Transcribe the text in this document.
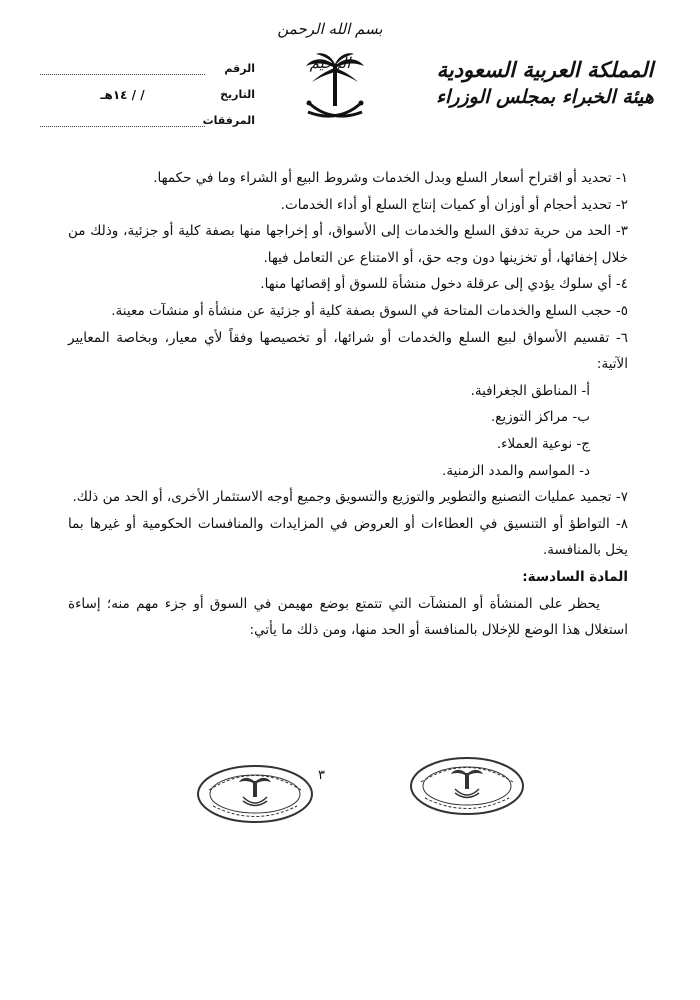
بسم الله الرحمن
المملكة العربية السعودية
هيئة الخبراء بمجلس الوزراء
الرقم
التاريخ
/ / ١٤هـ
المرفقات

١- تحديد أو اقتراح أسعار السلع وبدل الخدمات وشروط البيع أو الشراء وما في حكمها.

٢- تحديد أحجام أو أوزان أو كميات إنتاج السلع أو أداء الخدمات.

٣- الحد من حرية تدفق السلع والخدمات إلى الأسواق، أو إخراجها منها بصفة كلية أو جزئية، وذلك من خلال إخفائها، أو تخزينها دون وجه حق، أو الامتناع عن التعامل فيها.

٤- أي سلوك يؤدي إلى عرقلة دخول منشأة للسوق أو إقصائها منها.

٥- حجب السلع والخدمات المتاحة في السوق بصفة كلية أو جزئية عن منشأة أو منشآت معينة.

٦- تقسيم الأسواق لبيع السلع والخدمات أو شرائها، أو تخصيصها وفقاً لأي معيار، وبخاصة المعايير الآتية:

أ- المناطق الجغرافية.

ب- مراكز التوزيع.

ج- نوعية العملاء.

د- المواسم والمدد الزمنية.

٧- تجميد عمليات التصنيع والتطوير والتوزيع والتسويق وجميع أوجه الاستثمار الأخرى، أو الحد من ذلك.

٨- التواطؤ أو التنسيق في العطاءات أو العروض في المزايدات والمنافسات الحكومية أو غيرها بما يخل بالمنافسة.

المادة السادسة:

يحظر على المنشأة أو المنشآت التي تتمتع بوضع مهيمن في السوق أو جزء مهم منه؛ إساءة استغلال هذا الوضع للإخلال بالمنافسة أو الحد منها، ومن ذلك ما يأتي:

٣
